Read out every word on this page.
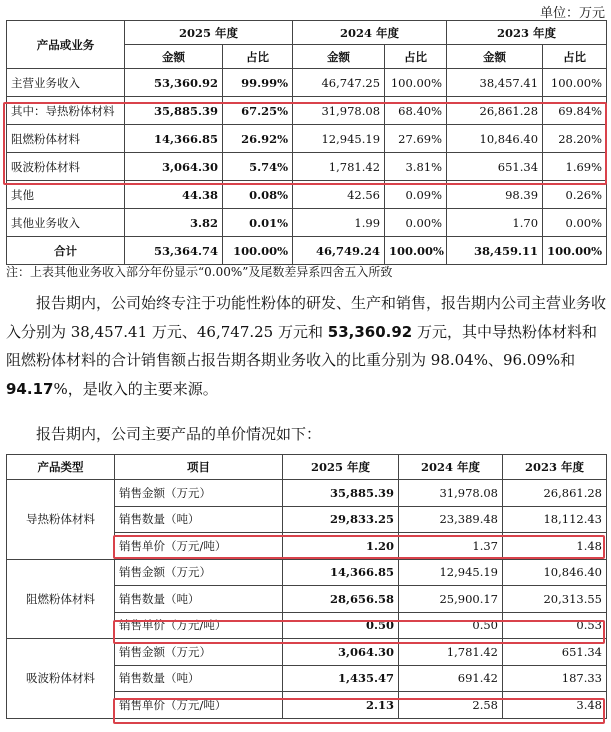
单位：万元
产品或业务	2025 年度		2024 年度		2023 年度	
	金额	占比	金额	占比	金额	占比
主营业务收入	53,360.92	99.99%	46,747.25	100.00%	38,457.41	100.00%
其中：导热粉体材料	35,885.39	67.25%	31,978.08	68.40%	26,861.28	69.84%
阻燃粉体材料	14,366.85	26.92%	12,945.19	27.69%	10,846.40	28.20%
吸波粉体材料	3,064.30	5.74%	1,781.42	3.81%	651.34	1.69%
其他	44.38	0.08%	42.56	0.09%	98.39	0.26%
其他业务收入	3.82	0.01%	1.99	0.00%	1.70	0.00%
合计	53,364.74	100.00%	46,749.24	100.00%	38,459.11	100.00%
注：上表其他业务收入部分年份显示“0.00%”及尾数差异系四舍五入所致

报告期内，公司始终专注于功能性粉体的研发、生产和销售，报告期内公司主营业务收入分别为 38,457.41 万元、46,747.25 万元和 53,360.92 万元，其中导热粉体材料和阻燃粉体材料的合计销售额占报告期各期业务收入的比重分别为 98.04%、96.09%和 94.17%，是收入的主要来源。

报告期内，公司主要产品的单价情况如下：

产品类型	项目	2025 年度	2024 年度	2023 年度
导热粉体材料	销售金额（万元）	35,885.39	31,978.08	26,861.28
	销售数量（吨）	29,833.25	23,389.48	18,112.43
	销售单价（万元/吨）	1.20	1.37	1.48
阻燃粉体材料	销售金额（万元）	14,366.85	12,945.19	10,846.40
	销售数量（吨）	28,656.58	25,900.17	20,313.55
	销售单价（万元/吨）	0.50	0.50	0.53
吸波粉体材料	销售金额（万元）	3,064.30	1,781.42	651.34
	销售数量（吨）	1,435.47	691.42	187.33
	销售单价（万元/吨）	2.13	2.58	3.48
